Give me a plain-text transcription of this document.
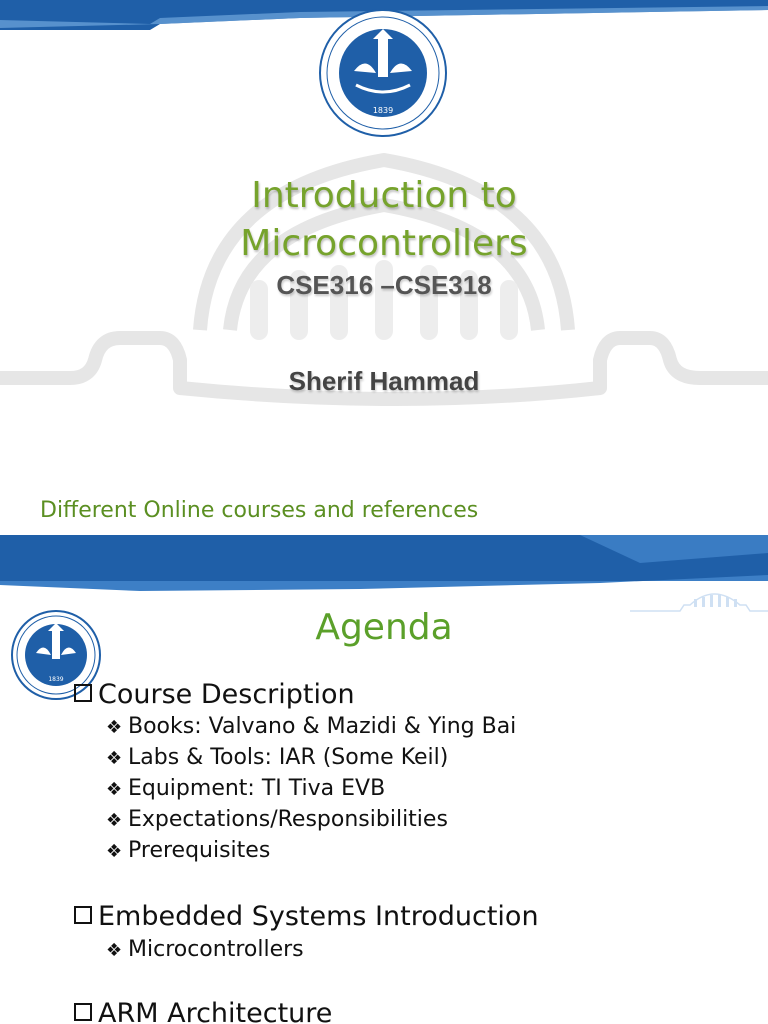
1839
Introduction to
Microcontrollers
CSE316 –CSE318
Sherif Hammad
Different Online courses and references
1839
Agenda
Course Description
❖ Books: Valvano & Mazidi & Ying Bai
❖ Labs & Tools: IAR (Some Keil)
❖ Equipment: TI Tiva EVB
❖ Expectations/Responsibilities
❖ Prerequisites
Embedded Systems Introduction
❖ Microcontrollers
ARM Architecture
